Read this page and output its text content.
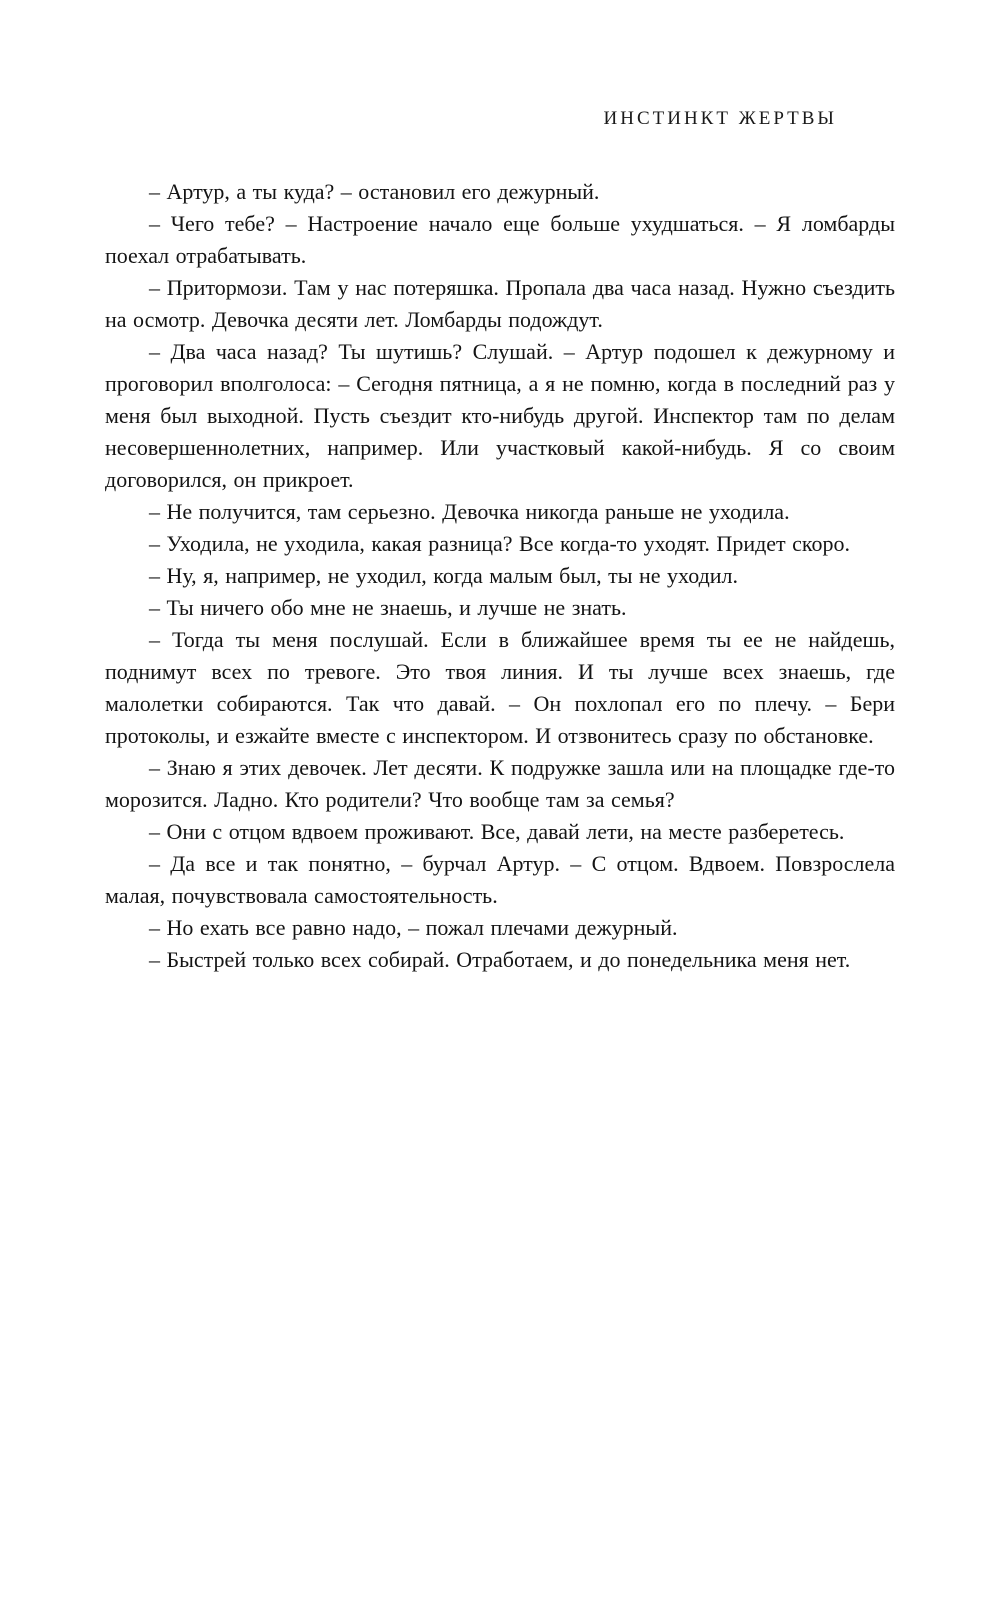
ИНСТИНКТ ЖЕРТВЫ

– Артур, а ты куда? – остановил его дежурный.

– Чего тебе? – Настроение начало еще больше ухудшаться. – Я ломбарды поехал отрабатывать.

– Притормози. Там у нас потеряшка. Пропала два часа назад. Нужно съездить на осмотр. Девочка десяти лет. Ломбарды подождут.

– Два часа назад? Ты шутишь? Слушай. – Артур подошел к дежурному и проговорил вполголоса: – Сегодня пятница, а я не помню, когда в последний раз у меня был выходной. Пусть съездит кто-нибудь другой. Инспектор там по делам несовершеннолетних, например. Или участковый какой-нибудь. Я со своим договорился, он прикроет.

– Не получится, там серьезно. Девочка никогда раньше не уходила.

– Уходила, не уходила, какая разница? Все когда-то уходят. Придет скоро.

– Ну, я, например, не уходил, когда малым был, ты не уходил.

– Ты ничего обо мне не знаешь, и лучше не знать.

– Тогда ты меня послушай. Если в ближайшее время ты ее не найдешь, поднимут всех по тревоге. Это твоя линия. И ты лучше всех знаешь, где малолетки собираются. Так что давай. – Он похлопал его по плечу. – Бери протоколы, и езжайте вместе с инспектором. И отзвонитесь сразу по обстановке.

– Знаю я этих девочек. Лет десяти. К подружке зашла или на площадке где-то морозится. Ладно. Кто родители? Что вообще там за семья?

– Они с отцом вдвоем проживают. Все, давай лети, на месте разберетесь.

– Да все и так понятно, – бурчал Артур. – С отцом. Вдвоем. Повзрослела малая, почувствовала самостоятельность.

– Но ехать все равно надо, – пожал плечами дежурный.

– Быстрей только всех собирай. Отработаем, и до понедельника меня нет.
